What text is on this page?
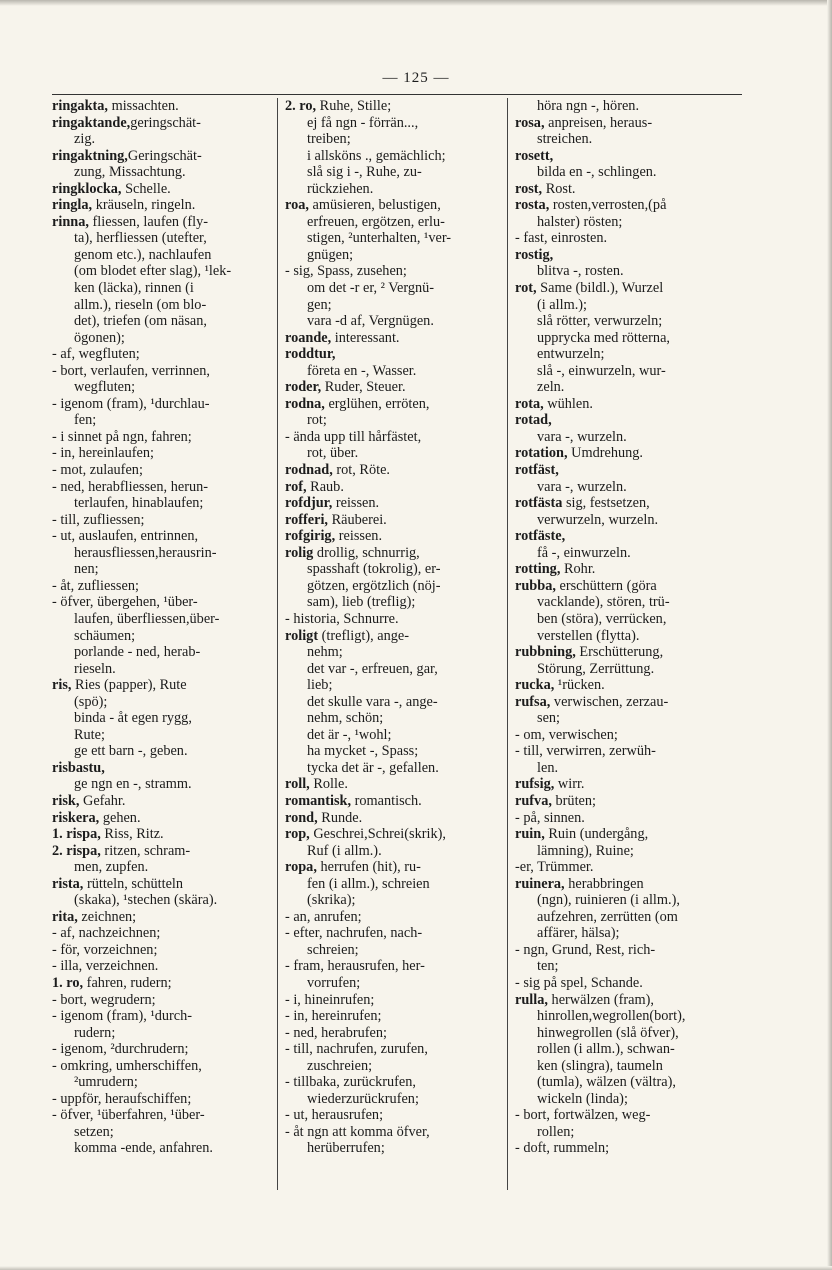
— 125 —
ringakta, missachten.
ringaktande,geringschät-
zig.
ringaktning,Geringschät-
zung, Missachtung.
ringklocka, Schelle.
ringla, kräuseln, ringeln.
rinna, fliessen, laufen (fly-
ta), herfliessen (utefter,
genom etc.), nachlaufen
(om blodet efter slag), ¹lek-
ken (läcka), rinnen (i
allm.), rieseln (om blo-
det), triefen (om näsan,
ögonen);
- af, wegfluten;
- bort, verlaufen, verrinnen,
wegfluten;
- igenom (fram), ¹durchlau-
fen;
- i sinnet på ngn, fahren;
- in, hereinlaufen;
- mot, zulaufen;
- ned, herabfliessen, herun-
terlaufen, hinablaufen;
- till, zufliessen;
- ut, auslaufen, entrinnen,
herausfliessen,herausrin-
nen;
- åt, zufliessen;
- öfver, übergehen, ¹über-
laufen, überfliessen,über-
schäumen;
porlande - ned, herab-
rieseln.
ris, Ries (papper), Rute
(spö);
binda - åt egen rygg,
Rute;
ge ett barn -, geben.
risbastu,
ge ngn en -, stramm.
risk, Gefahr.
riskera, gehen.
1. rispa, Riss, Ritz.
2. rispa, ritzen, schram-
men, zupfen.
rista, rütteln, schütteln
(skaka), ¹stechen (skära).
rita, zeichnen;
- af, nachzeichnen;
- för, vorzeichnen;
- illa, verzeichnen.
1. ro, fahren, rudern;
- bort, wegrudern;
- igenom (fram), ¹durch-
rudern;
- igenom, ²durchrudern;
- omkring, umherschiffen,
²umrudern;
- uppför, heraufschiffen;
- öfver, ¹überfahren, ¹über-
setzen;
komma -ende, anfahren.
2. ro, Ruhe, Stille;
ej få ngn - förrän...,
treiben;
i allsköns ., gemächlich;
slå sig i -, Ruhe, zu-
rückziehen.
roa, amüsieren, belustigen,
erfreuen, ergötzen, erlu-
stigen, ²unterhalten, ¹ver-
gnügen;
- sig, Spass, zusehen;
om det -r er, ² Vergnü-
gen;
vara -d af, Vergnügen.
roande, interessant.
roddtur,
företa en -, Wasser.
roder, Ruder, Steuer.
rodna, erglühen, erröten,
rot;
- ända upp till hårfästet,
rot, über.
rodnad, rot, Röte.
rof, Raub.
rofdjur, reissen.
rofferi, Räuberei.
rofgirig, reissen.
rolig drollig, schnurrig,
spasshaft (tokrolig), er-
götzen, ergötzlich (nöj-
sam), lieb (treflig);
- historia, Schnurre.
roligt (trefligt), ange-
nehm;
det var -, erfreuen, gar,
lieb;
det skulle vara -, ange-
nehm, schön;
det är -, ¹wohl;
ha mycket -, Spass;
tycka det är -, gefallen.
roll, Rolle.
romantisk, romantisch.
rond, Runde.
rop, Geschrei,Schrei(skrik),
Ruf (i allm.).
ropa, herrufen (hit), ru-
fen (i allm.), schreien
(skrika);
- an, anrufen;
- efter, nachrufen, nach-
schreien;
- fram, herausrufen, her-
vorrufen;
- i, hineinrufen;
- in, hereinrufen;
- ned, herabrufen;
- till, nachrufen, zurufen,
zuschreien;
- tillbaka, zurückrufen,
wiederzurückrufen;
- ut, herausrufen;
- åt ngn att komma öfver,
herüberrufen;
höra ngn -, hören.
rosa, anpreisen, heraus-
streichen.
rosett,
bilda en -, schlingen.
rost, Rost.
rosta, rosten,verrosten,(på
halster) rösten;
- fast, einrosten.
rostig,
blitva -, rosten.
rot, Same (bildl.), Wurzel
(i allm.);
slå rötter, verwurzeln;
upprycka med rötterna,
entwurzeln;
slå -, einwurzeln, wur-
zeln.
rota, wühlen.
rotad,
vara -, wurzeln.
rotation, Umdrehung.
rotfäst,
vara -, wurzeln.
rotfästa sig, festsetzen,
verwurzeln, wurzeln.
rotfäste,
få -, einwurzeln.
rotting, Rohr.
rubba, erschüttern (göra
vacklande), stören, trü-
ben (störa), verrücken,
verstellen (flytta).
rubbning, Erschütterung,
Störung, Zerrüttung.
rucka, ¹rücken.
rufsa, verwischen, zerzau-
sen;
- om, verwischen;
- till, verwirren, zerwüh-
len.
rufsig, wirr.
rufva, brüten;
- på, sinnen.
ruin, Ruin (undergång,
lämning), Ruine;
-er, Trümmer.
ruinera, herabbringen
(ngn), ruinieren (i allm.),
aufzehren, zerrütten (om
affärer, hälsa);
- ngn, Grund, Rest, rich-
ten;
- sig på spel, Schande.
rulla, herwälzen (fram),
hinrollen,wegrollen(bort),
hinwegrollen (slå öfver),
rollen (i allm.), schwan-
ken (slingra), taumeln
(tumla), wälzen (vältra),
wickeln (linda);
- bort, fortwälzen, weg-
rollen;
- doft, rummeln;
